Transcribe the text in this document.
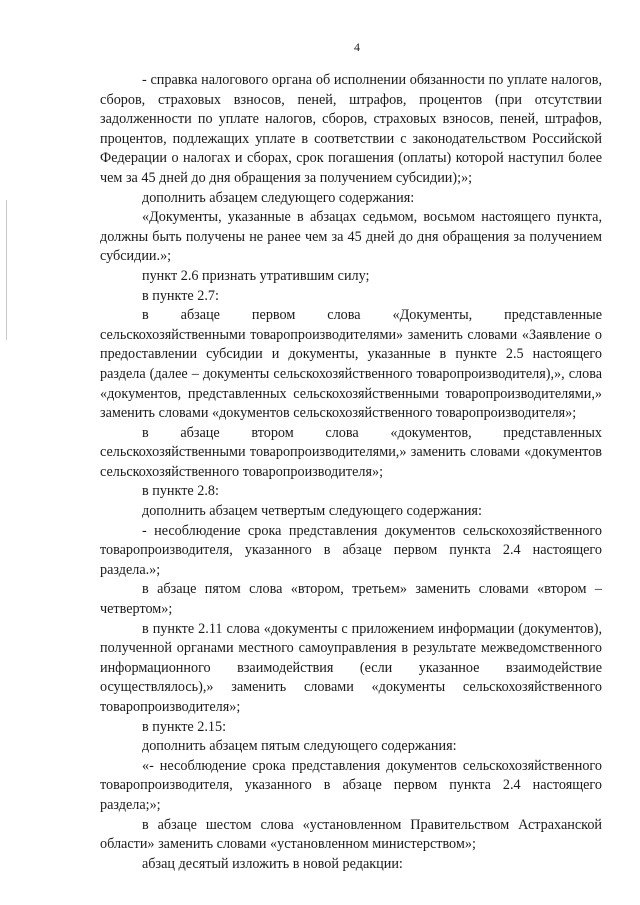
4

- справка налогового органа об исполнении обязанности по уплате налогов, сборов, страховых взносов, пеней, штрафов, процентов (при отсутствии задолженности по уплате налогов, сборов, страховых взносов, пеней, штрафов, процентов, подлежащих уплате в соответствии с законодательством Российской Федерации о налогах и сборах, срок погашения (оплаты) которой наступил более чем за 45 дней до дня обращения за получением субсидии);»;

дополнить абзацем следующего содержания:

«Документы, указанные в абзацах седьмом, восьмом настоящего пункта, должны быть получены не ранее чем за 45 дней до дня обращения за получением субсидии.»;

пункт 2.6 признать утратившим силу;

в пункте 2.7:

в абзаце первом слова «Документы, представленные сельскохозяйственными товаропроизводителями» заменить словами «Заявление о предоставлении субсидии и документы, указанные в пункте 2.5 настоящего раздела (далее – документы сельскохозяйственного товаропроизводителя),», слова «документов, представленных сельскохозяйственными товаропроизводителями,» заменить словами «документов сельскохозяйственного товаропроизводителя»;

в абзаце втором слова «документов, представленных сельскохозяйственными товаропроизводителями,» заменить словами «документов сельскохозяйственного товаропроизводителя»;

в пункте 2.8:

дополнить абзацем четвертым следующего содержания:

- несоблюдение срока представления документов сельскохозяйственного товаропроизводителя, указанного в абзаце первом пункта 2.4 настоящего раздела.»;

в абзаце пятом слова «втором, третьем» заменить словами «втором – четвертом»;

в пункте 2.11 слова «документы с приложением информации (документов), полученной органами местного самоуправления в результате межведомственного информационного взаимодействия (если указанное взаимодействие осуществлялось),» заменить словами «документы сельскохозяйственного товаропроизводителя»;

в пункте 2.15:

дополнить абзацем пятым следующего содержания:

«- несоблюдение срока представления документов сельскохозяйственного товаропроизводителя, указанного в абзаце первом пункта 2.4 настоящего раздела;»;

в абзаце шестом слова «установленном Правительством Астраханской области» заменить словами «установленном министерством»;

абзац десятый изложить в новой редакции:
